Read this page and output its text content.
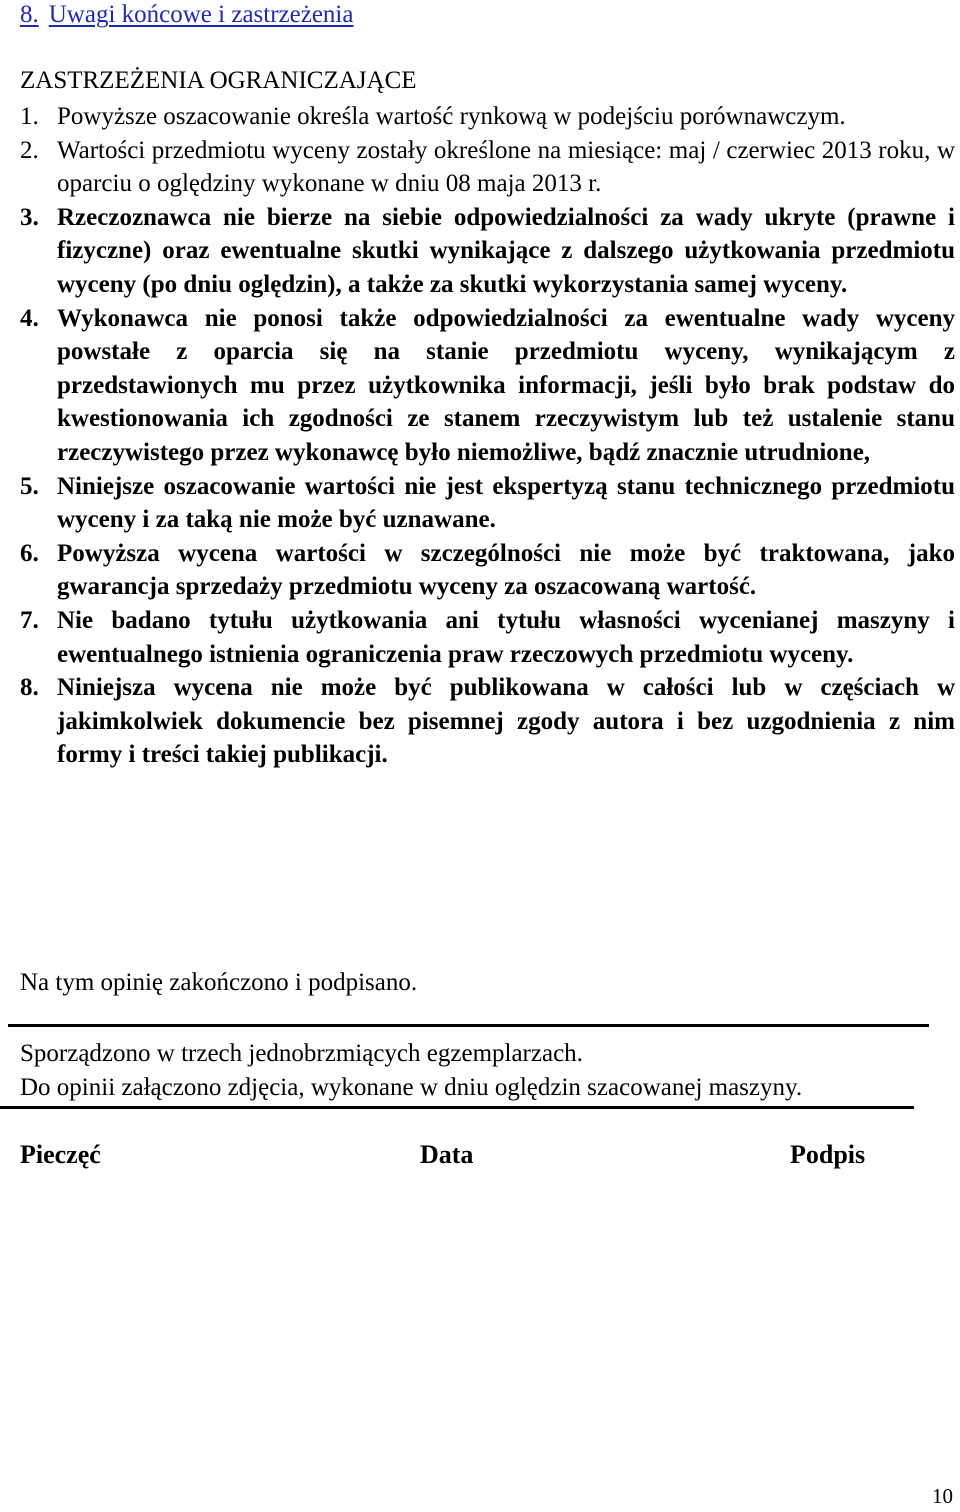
8. Uwagi końcowe i zastrzeżenia
ZASTRZEŻENIA OGRANICZAJĄCE
1. Powyższe oszacowanie określa wartość rynkową w podejściu porównawczym.
2. Wartości przedmiotu wyceny zostały określone na miesiące: maj / czerwiec 2013 roku, w oparciu o oględziny wykonane w dniu 08 maja 2013 r.
3. Rzeczoznawca nie bierze na siebie odpowiedzialności za wady ukryte (prawne i fizyczne) oraz ewentualne skutki wynikające z dalszego użytkowania przedmiotu wyceny (po dniu oględzin), a także za skutki wykorzystania samej wyceny.
4. Wykonawca nie ponosi także odpowiedzialności za ewentualne wady wyceny powstałe z oparcia się na stanie przedmiotu wyceny, wynikającym z przedstawionych mu przez użytkownika informacji, jeśli było brak podstaw do kwestionowania ich zgodności ze stanem rzeczywistym lub też ustalenie stanu rzeczywistego przez wykonawcę było niemożliwe, bądź znacznie utrudnione,
5. Niniejsze oszacowanie wartości nie jest ekspertyzą stanu technicznego przedmiotu wyceny i za taką nie może być uznawane.
6. Powyższa wycena wartości w szczególności nie może być traktowana, jako gwarancja sprzedaży przedmiotu wyceny za oszacowaną wartość.
7. Nie badano tytułu użytkowania ani tytułu własności wycenianej maszyny i ewentualnego istnienia ograniczenia praw rzeczowych przedmiotu wyceny.
8. Niniejsza wycena nie może być publikowana w całości lub w częściach w jakimkolwiek dokumencie bez pisemnej zgody autora i bez uzgodnienia z nim formy i treści takiej publikacji.
Na tym opinię zakończono i podpisano.
Sporządzono w trzech jednobrzmiących egzemplarzach.
Do opinii załączono zdjęcia, wykonane w dniu oględzin szacowanej maszyny.
Pieczęć	Data	Podpis
10
